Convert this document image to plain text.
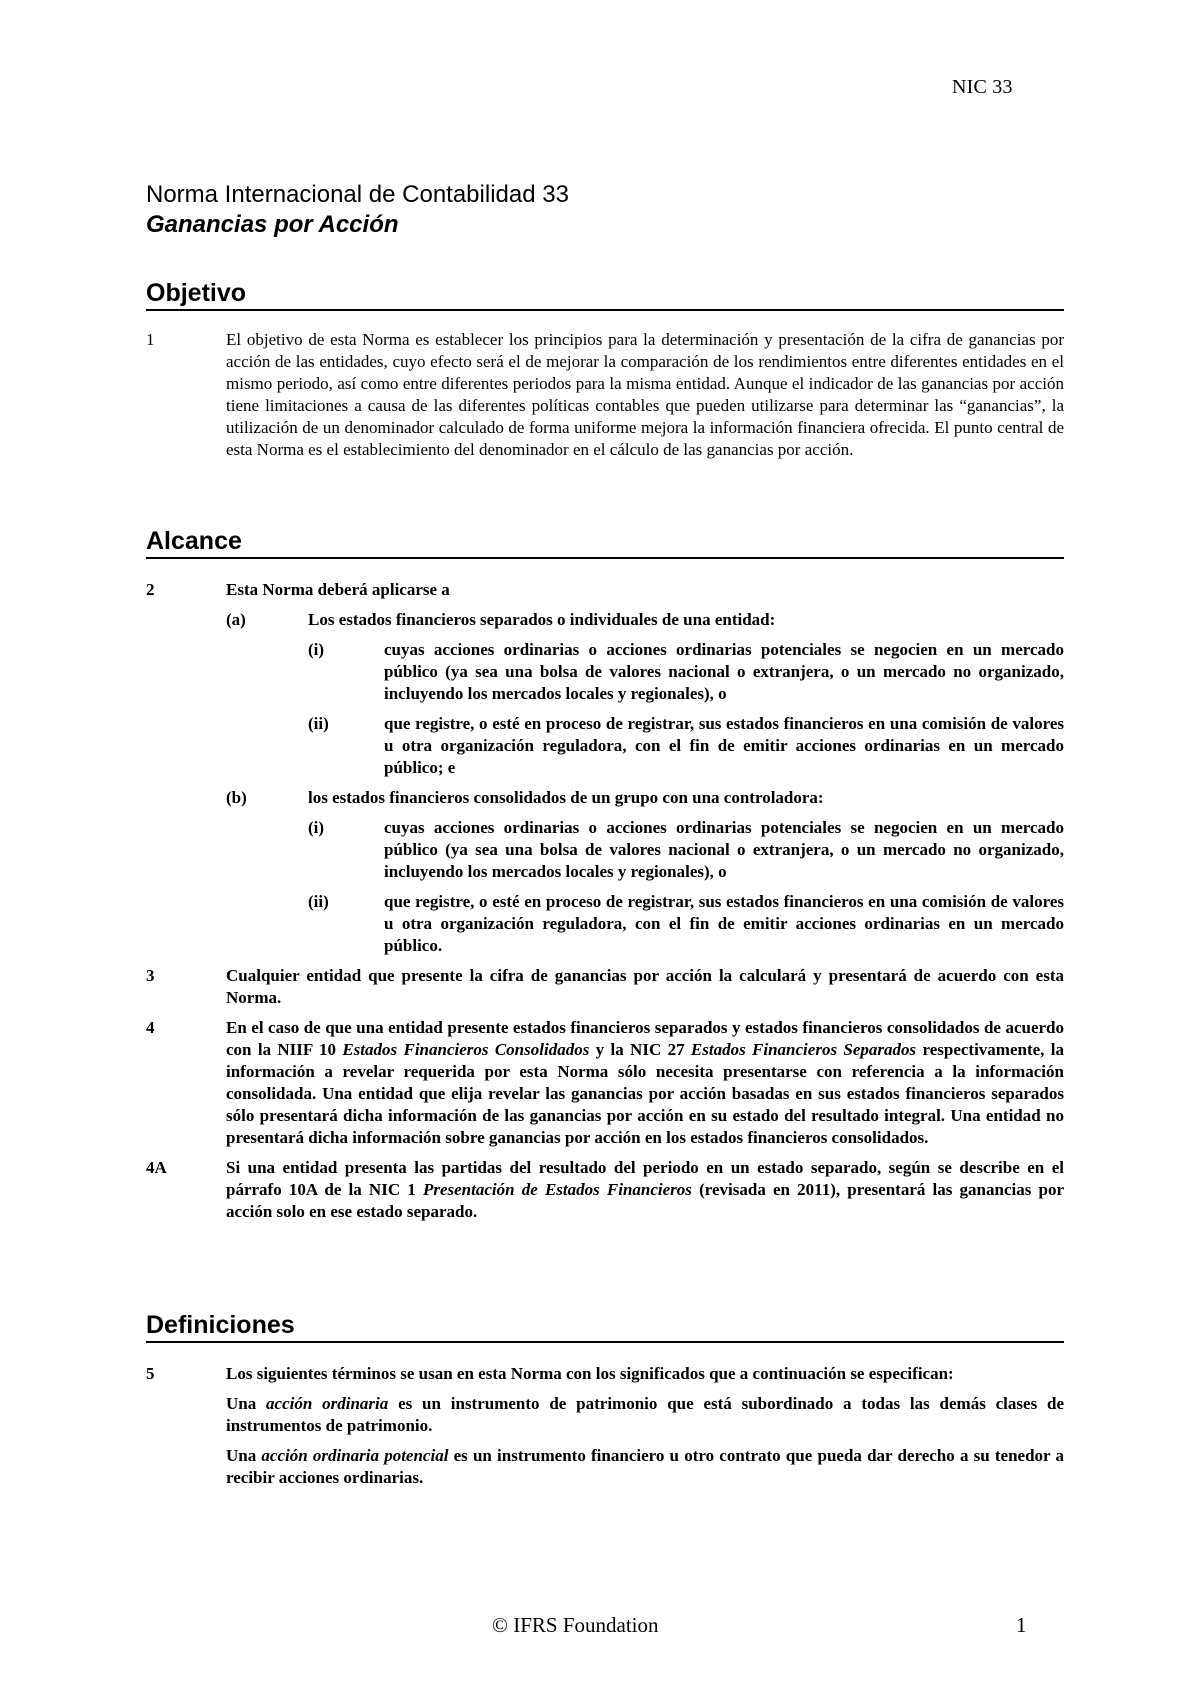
NIC 33
Norma Internacional de Contabilidad 33
Ganancias por Acción
Objetivo
1	El objetivo de esta Norma es establecer los principios para la determinación y presentación de la cifra de ganancias por acción de las entidades, cuyo efecto será el de mejorar la comparación de los rendimientos entre diferentes entidades en el mismo periodo, así como entre diferentes periodos para la misma entidad. Aunque el indicador de las ganancias por acción tiene limitaciones a causa de las diferentes políticas contables que pueden utilizarse para determinar las “ganancias”, la utilización de un denominador calculado de forma uniforme mejora la información financiera ofrecida. El punto central de esta Norma es el establecimiento del denominador en el cálculo de las ganancias por acción.
Alcance
2	Esta Norma deberá aplicarse a
(a)	Los estados financieros separados o individuales de una entidad:
(i)	cuyas acciones ordinarias o acciones ordinarias potenciales se negocien en un mercado público (ya sea una bolsa de valores nacional o extranjera, o un mercado no organizado, incluyendo los mercados locales y regionales), o
(ii)	que registre, o esté en proceso de registrar, sus estados financieros en una comisión de valores u otra organización reguladora, con el fin de emitir acciones ordinarias en un mercado público; e
(b)	los estados financieros consolidados de un grupo con una controladora:
(i)	cuyas acciones ordinarias o acciones ordinarias potenciales se negocien en un mercado público (ya sea una bolsa de valores nacional o extranjera, o un mercado no organizado, incluyendo los mercados locales y regionales), o
(ii)	que registre, o esté en proceso de registrar, sus estados financieros en una comisión de valores u otra organización reguladora, con el fin de emitir acciones ordinarias en un mercado público.
3	Cualquier entidad que presente la cifra de ganancias por acción la calculará y presentará de acuerdo con esta Norma.
4	En el caso de que una entidad presente estados financieros separados y estados financieros consolidados de acuerdo con la NIIF 10 Estados Financieros Consolidados y la NIC 27 Estados Financieros Separados respectivamente, la información a revelar requerida por esta Norma sólo necesita presentarse con referencia a la información consolidada. Una entidad que elija revelar las ganancias por acción basadas en sus estados financieros separados sólo presentará dicha información de las ganancias por acción en su estado del resultado integral. Una entidad no presentará dicha información sobre ganancias por acción en los estados financieros consolidados.
4A	Si una entidad presenta las partidas del resultado del periodo en un estado separado, según se describe en el párrafo 10A de la NIC 1 Presentación de Estados Financieros (revisada en 2011), presentará las ganancias por acción solo en ese estado separado.
Definiciones
5	Los siguientes términos se usan en esta Norma con los significados que a continuación se especifican:
Una acción ordinaria es un instrumento de patrimonio que está subordinado a todas las demás clases de instrumentos de patrimonio.
Una acción ordinaria potencial es un instrumento financiero u otro contrato que pueda dar derecho a su tenedor a recibir acciones ordinarias.
© IFRS Foundation	1
